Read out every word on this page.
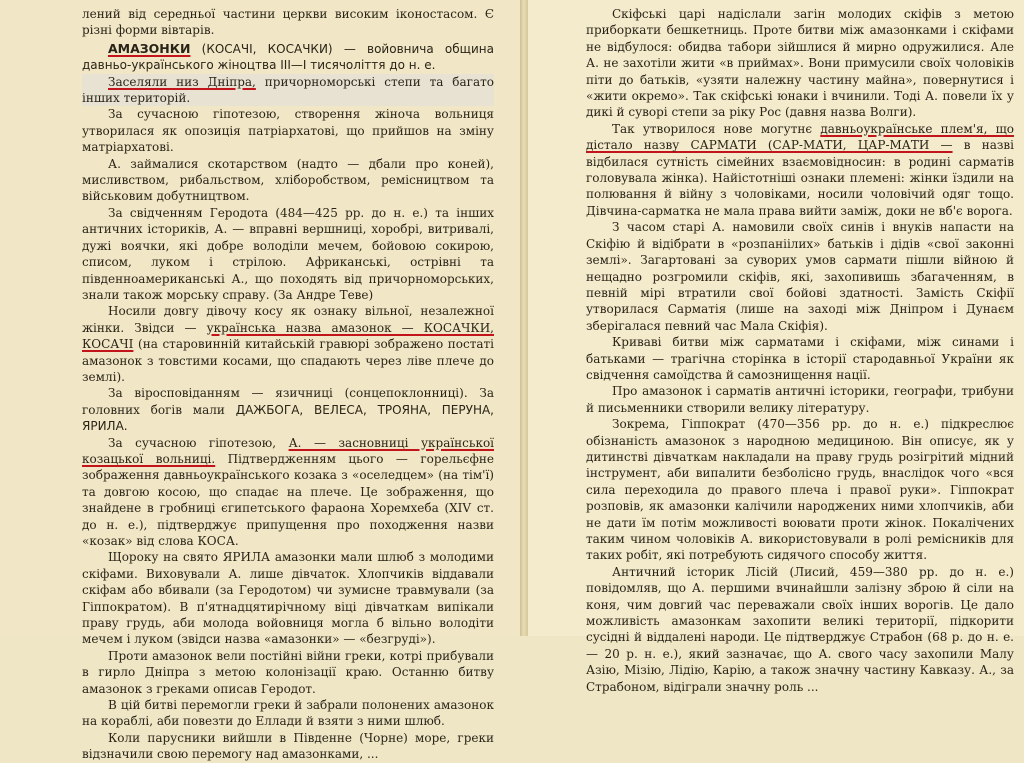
лений від середньої частини церкви високим іконостасом. Є різні форми вівтарів.

АМАЗОНКИ (КОСАЧІ, КОСАЧКИ) — войовнича община давньо-українського жіноцтва III—I тисячоліття до н. е.

Заселяли низ Дніпра, причорноморські степи та багато інших територій.

За сучасною гіпотезою, створення жіноча вольниця утворилася як опозиція патріархатові, що прийшов на зміну матріархатові.

А. займалися скотарством (надто — дбали про коней), мисливством, рибальством, хліборобством, ремісництвом та військовим добутництвом.

За свідченням Геродота (484—425 рр. до н. е.) та інших античних істориків, А. — вправні вершниці, хоробрі, витривалі, дужі воячки, які добре володіли мечем, бойовою сокирою, списом, луком і стрілою. Африканські, острівні та південноамериканські А., що походять від причорноморських, знали також морську справу. (За Андре Теве)

Носили довгу дівочу косу як ознаку вільної, незалежної жінки. Звідси — українська назва амазонок — КОСАЧКИ, КОСАЧІ (на старовинній китайській гравюрі зображено постаті амазонок з товстими косами, що спадають через ліве плече до землі).

За віросповіданням — язичниці (сонцепоклонниці). За головних богів мали ДАЖБОГА, ВЕЛЕСА, ТРОЯНА, ПЕРУНА, ЯРИЛА.

За сучасною гіпотезою, А. — засновниці української козацької вольниці. Підтвердженням цього — горельєфне зображення давньоукраїнського козака з «оселедцем» (на тім'ї) та довгою косою, що спадає на плече. Це зображення, що знайдене в гробниці єгипетського фараона Хоремхеба (XIV ст. до н. е.), підтверджує припущення про походження назви «козак» від слова КОСА.

Щороку на свято ЯРИЛА амазонки мали шлюб з молодими скіфами. Виховували А. лише дівчаток. Хлопчиків віддавали скіфам або вбивали (за Геродотом) чи зумисне травмували (за Гіппократом). В п'ятнадцятирічному віці дівчаткам випікали праву грудь, аби молода войовниця могла б вільно володіти мечем і луком (звідси назва «амазонки» — «безгруді»).

Проти амазонок вели постійні війни греки, котрі прибували в гирло Дніпра з метою колонізації краю. Останню битву амазонок з греками описав Геродот.

В цій битві перемогли греки й забрали полонених амазонок на кораблі, аби повезти до Еллади й взяти з ними шлюб.

Коли парусники вийшли в Південне (Чорне) море, греки відзначили свою перемогу над амазонками, ...

Скіфські царі надіслали загін молодих скіфів з метою приборкати бешкетниць. Проте битви між амазонками і скіфами не відбулося: обидва табори зійшлися й мирно одружилися. Але А. не захотіли жити «в приймах». Вони примусили своїх чоловіків піти до батьків, «узяти належну частину майна», повернутися і «жити окремо». Так скіфські юнаки і вчинили. Тоді А. повели їх у дикі й суворі степи за ріку Рос (давня назва Волги).

Так утворилося нове могутнє давньоукраїнське плем'я, що дістало назву САРМАТИ (САР-МАТИ, ЦАР-МАТИ — в назві відбилася сутність сімейних взаємовідносин: в родині сарматів головувала жінка). Найістотніші ознаки племені: жінки їздили на полювання й війну з чоловіками, носили чоловічий одяг тощо. Дівчина-сарматка не мала права вийти заміж, доки не вб'є ворога.

З часом старі А. намовили своїх синів і внуків напасти на Скіфію й відібрати в «розпаніілих» батьків і дідів «свої законні землі». Загартовані за суворих умов сармати пішли війною й нещадно розгромили скіфів, які, захопивишь збагаченням, в певній мірі втратили свої бойові здатності. Замість Скіфії утворилася Сарматія (лише на заході між Дніпром і Дунаєм зберігалася певний час Мала Скіфія).

Криваві битви між сарматами і скіфами, між синами і батьками — трагічна сторінка в історії стародавньої України як свідчення самоїдства й самознищення нації.

Про амазонок і сарматів античні історики, географи, трибуни й письменники створили велику літературу.

Зокрема, Гіппократ (470—356 рр. до н. е.) підкреслює обізнаність амазонок з народною медициною. Він описує, як у дитинстві дівчаткам накладали на праву грудь розігрітий мідний інструмент, аби випалити безболісно грудь, внаслідок чого «вся сила переходила до правого плеча і правої руки». Гіппократ розповів, як амазонки калічили народжених ними хлопчиків, аби не дати їм потім можливості воювати проти жінок. Покалічених таким чином чоловіків А. використовували в ролі ремісників для таких робіт, які потребують сидячого способу життя.

Античний історик Лісій (Лисий, 459—380 рр. до н. е.) повідомляв, що А. першими вчинайшли залізну зброю й сіли на коня, чим довгий час переважали своїх інших ворогів. Це дало можливість амазонкам захопити великі території, підкорити сусідні й віддалені народи. Це підтверджує Страбон (68 р. до н. е. — 20 р. н. е.), який зазначає, що А. свого часу захопили Малу Азію, Мізію, Лідію, Карію, а також значну частину Кавказу. А., за Страбоном, відіграли значну роль ...
